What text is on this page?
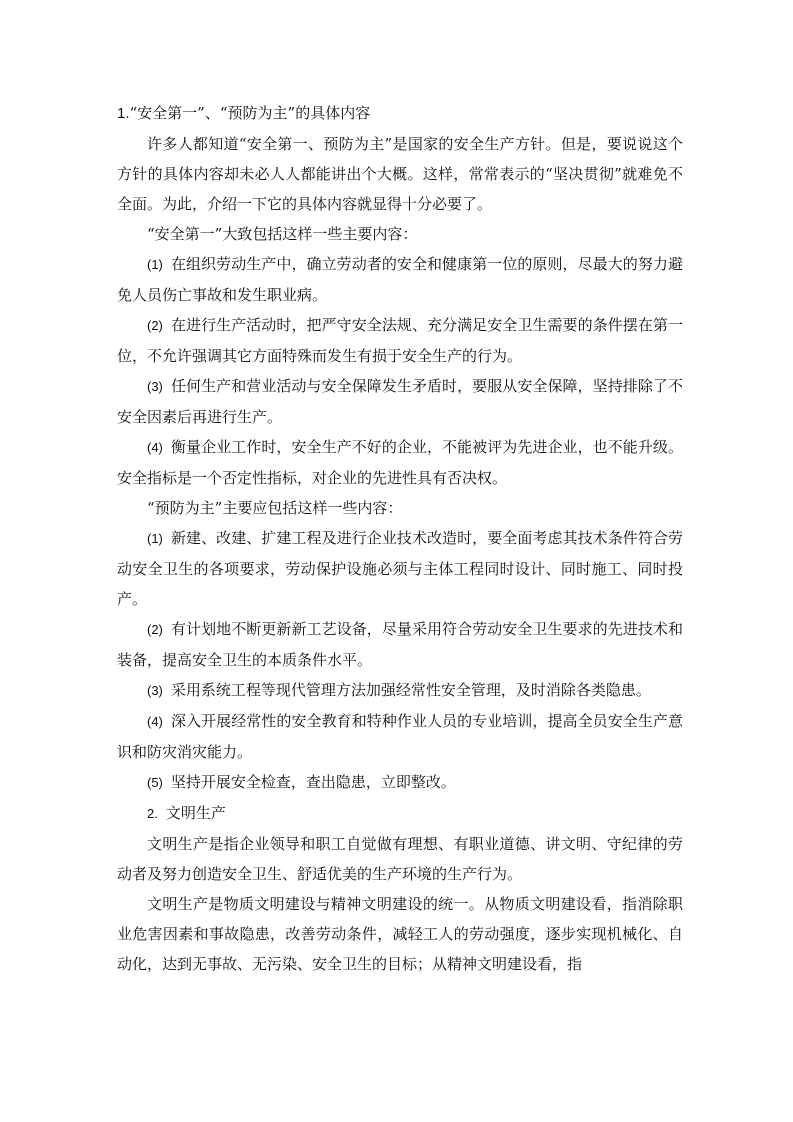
1.“安全第一”、“预防为主”的具体内容

许多人都知道“安全第一、预防为主”是国家的安全生产方针。但是，要说说这个方针的具体内容却未必人人都能讲出个大概。这样，常常表示的“坚决贯彻”就难免不全面。为此，介绍一下它的具体内容就显得十分必要了。

“安全第一”大致包括这样一些主要内容：

(1) 在组织劳动生产中，确立劳动者的安全和健康第一位的原则，尽最大的努力避免人员伤亡事故和发生职业病。

(2) 在进行生产活动时，把严守安全法规、充分满足安全卫生需要的条件摆在第一位，不允许强调其它方面特殊而发生有损于安全生产的行为。

(3) 任何生产和营业活动与安全保障发生矛盾时，要服从安全保障，坚持排除了不安全因素后再进行生产。

(4) 衡量企业工作时，安全生产不好的企业，不能被评为先进企业，也不能升级。安全指标是一个否定性指标，对企业的先进性具有否决权。

“预防为主”主要应包括这样一些内容：

(1) 新建、改建、扩建工程及进行企业技术改造时，要全面考虑其技术条件符合劳动安全卫生的各项要求，劳动保护设施必须与主体工程同时设计、同时施工、同时投产。

(2) 有计划地不断更新新工艺设备，尽量采用符合劳动安全卫生要求的先进技术和装备，提高安全卫生的本质条件水平。

(3) 采用系统工程等现代管理方法加强经常性安全管理，及时消除各类隐患。

(4) 深入开展经常性的安全教育和特种作业人员的专业培训，提高全员安全生产意识和防灾消灾能力。

(5) 坚持开展安全检查，查出隐患，立即整改。

2. 文明生产

文明生产是指企业领导和职工自觉做有理想、有职业道德、讲文明、守纪律的劳动者及努力创造安全卫生、舒适优美的生产环境的生产行为。

文明生产是物质文明建设与精神文明建设的统一。从物质文明建设看，指消除职业危害因素和事故隐患，改善劳动条件，减轻工人的劳动强度，逐步实现机械化、自动化，达到无事故、无污染、安全卫生的目标；从精神文明建设看，指
